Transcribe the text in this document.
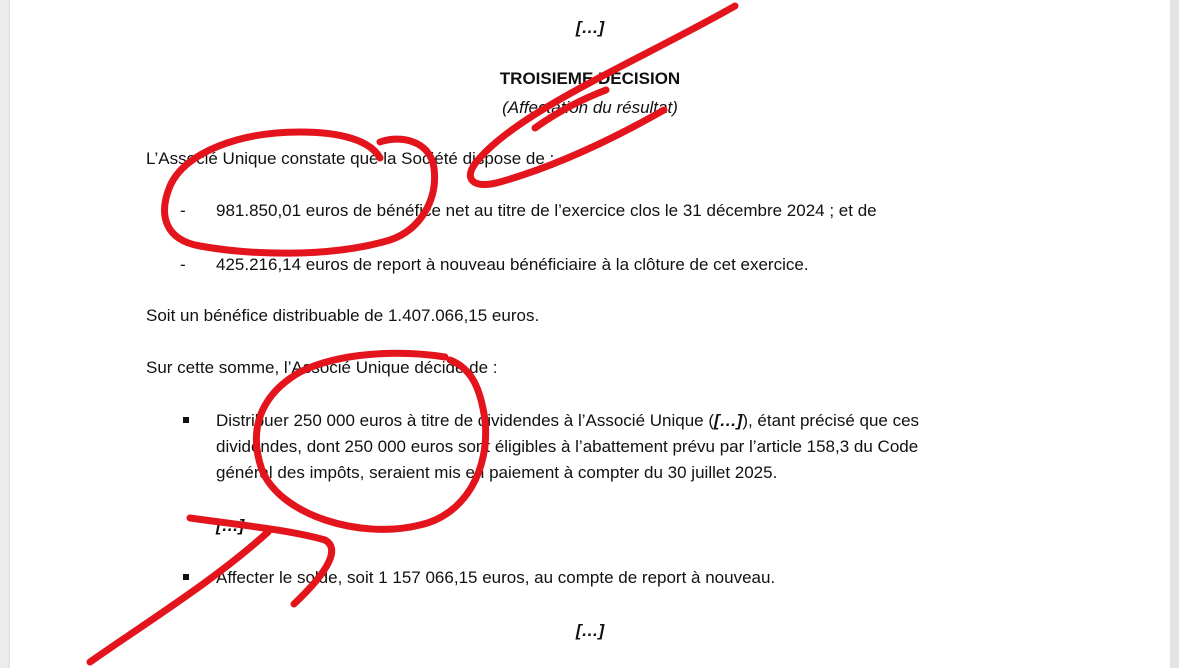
[…]
TROISIEME DECISION
(Affectation du résultat)
L’Associé Unique constate que la Société dispose de :
- 981.850,01 euros de bénéfice net au titre de l’exercice clos le 31 décembre 2024 ; et de
- 425.216,14 euros de report à nouveau bénéficiaire à la clôture de cet exercice.
Soit un bénéfice distribuable de 1.407.066,15 euros.
Sur cette somme, l’Associé Unique décide de :
Distribuer 250 000 euros à titre de dividendes à l’Associé Unique ([…]), étant précisé que ces
dividendes, dont 250 000 euros sont éligibles à l’abattement prévu par l’article 158,3 du Code
général des impôts, seraient mis en paiement à compter du 30 juillet 2025.
[…]
Affecter le solde, soit 1 157 066,15 euros, au compte de report à nouveau.
[…]
